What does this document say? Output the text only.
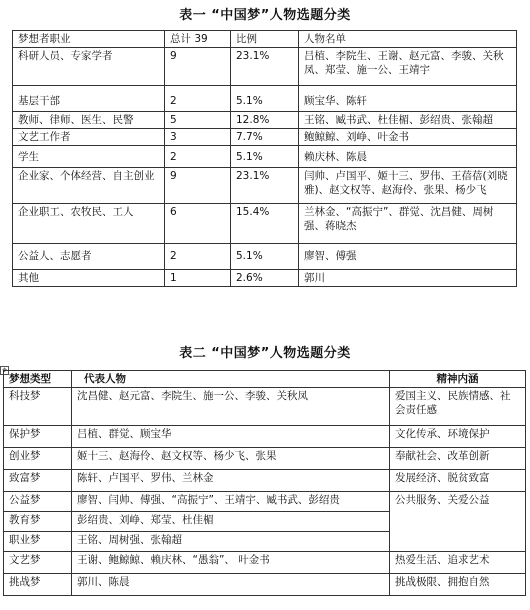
表一 “中国梦”人物选题分类
梦想者职业	总计 39	比例	人物名单
科研人员、专家学者	9	23.1%	吕植、李院生、王谢、赵元富、李骏、关秋凤、郑莹、施一公、王靖宇
基层干部	2	5.1%	顾宝华、陈轩
教师、律师、医生、民警	5	12.8%	王铭、臧书武、杜佳楣、彭绍贵、张翰超
文艺工作者	3	7.7%	鲍鲸鲸、刘峥、叶金书
学生	2	5.1%	赖庆林、陈晨
企业家、个体经营、自主创业	9	23.1%	闫帅、卢国平、姬十三、罗伟、王蓓蓓(刘晓雅)、赵文权等、赵海伶、张果、杨少飞
企业职工、农牧民、工人	6	15.4%	兰林金、“高振宁”、群觉、沈昌健、周树强、蒋晓杰
公益人、志愿者	2	5.1%	廖智、傅强
其他	1	2.6%	郭川
表二 “中国梦”人物选题分类
✥
梦想类型	代表人物	精神内涵
科技梦	沈昌健、赵元富、李院生、施一公、李骏、关秋凤	爱国主义、民族情感、社会责任感
保护梦	吕植、群觉、顾宝华	文化传承、环境保护
创业梦	姬十三、赵海伶、赵文权等、杨少飞、张果	奉献社会、改革创新
致富梦	陈轩、卢国平、罗伟、兰林金	发展经济、脱贫致富
公益梦	廖智、闫帅、傅强、“高振宁”、王靖宇、臧书武、彭绍贵	公共服务、关爱公益
教育梦	彭绍贵、刘峥、郑莹、杜佳楣	
职业梦	王铭、周树强、张翰超	
文艺梦	王谢、鲍鲸鲸、赖庆林、“愚翁”、 叶金书	热爱生活、追求艺术
挑战梦	郭川、陈晨	挑战极限、拥抱自然
